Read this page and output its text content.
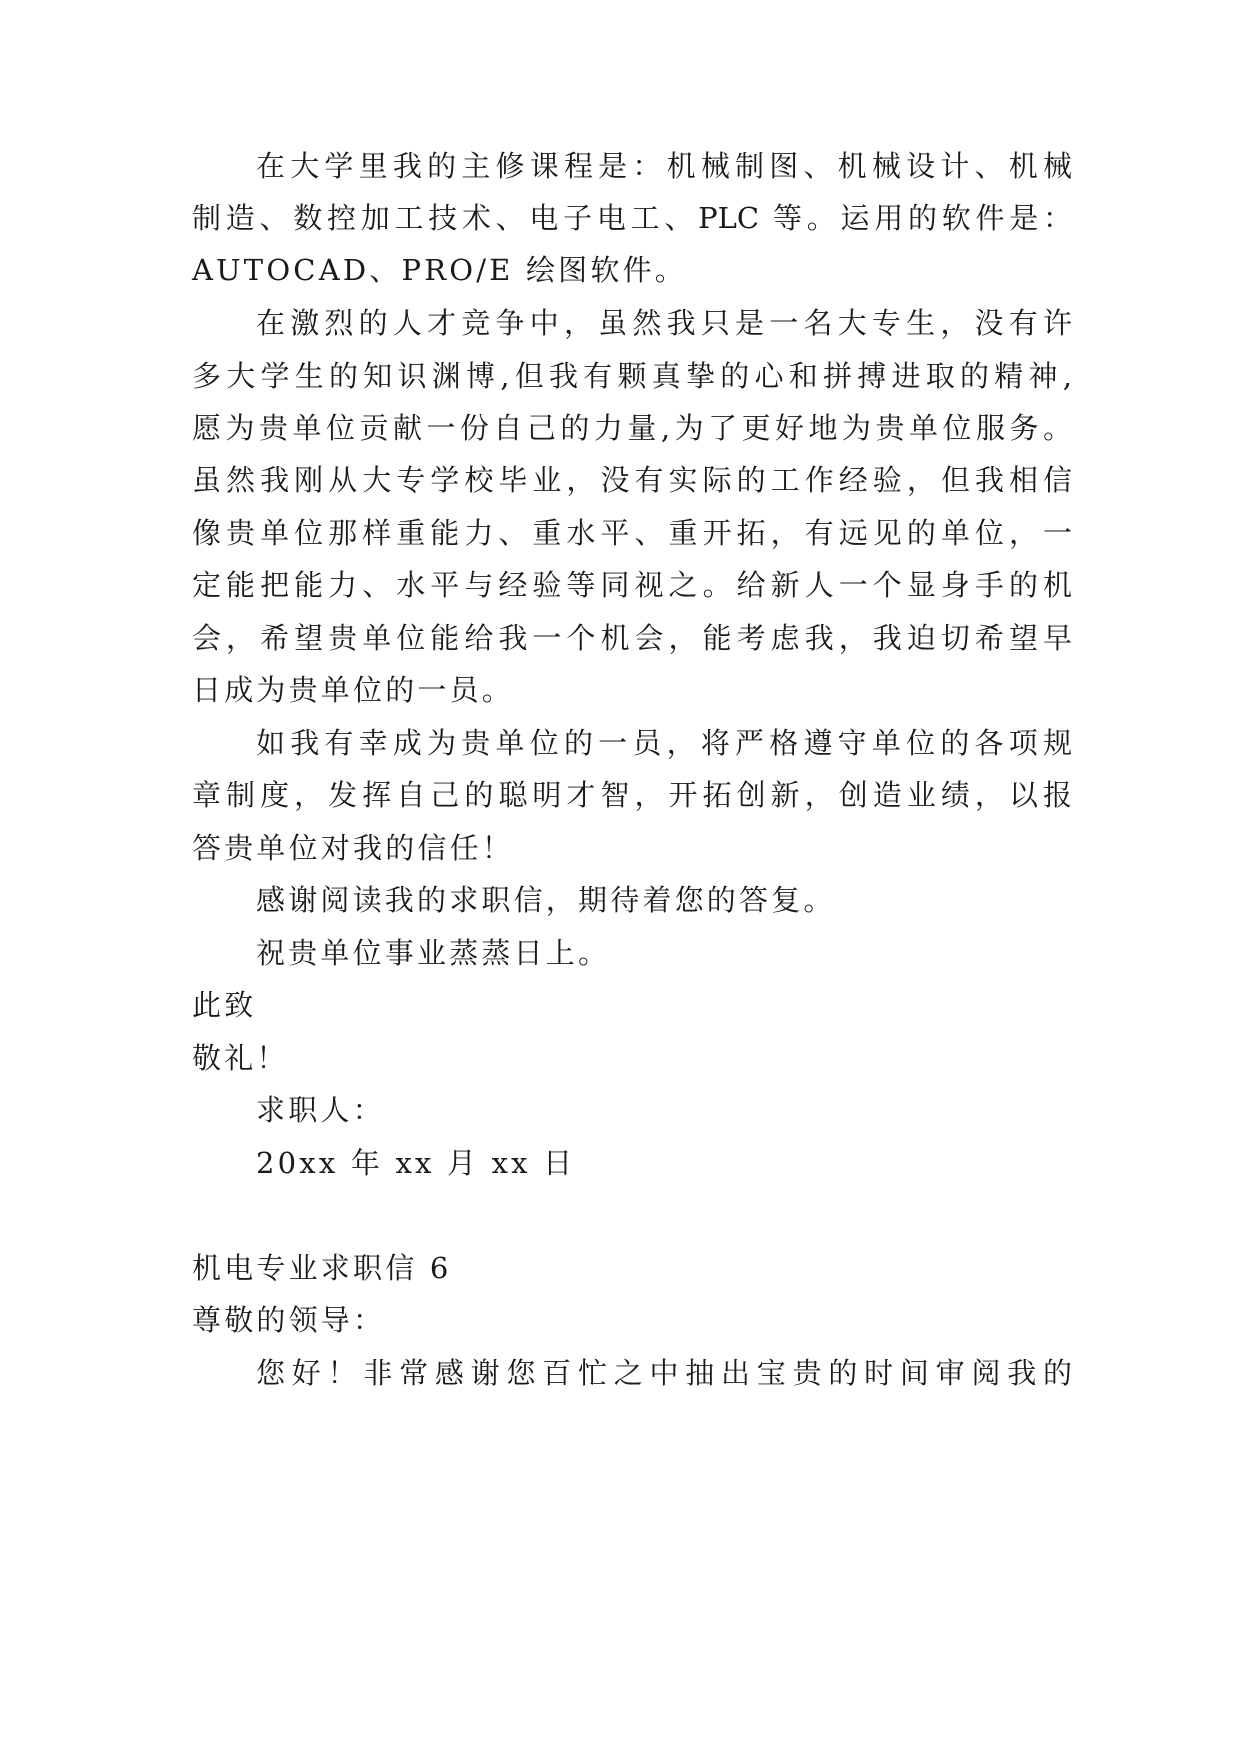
在大学里我的主修课程是：机械制图、机械设计、机械
制造、数控加工技术、电子电工、PLC 等。运用的软件是：
AUTOCAD、PRO/E 绘图软件。
在激烈的人才竞争中，虽然我只是一名大专生，没有许
多大学生的知识渊博,但我有颗真挚的心和拼搏进取的精神,
愿为贵单位贡献一份自己的力量,为了更好地为贵单位服务。
虽然我刚从大专学校毕业，没有实际的工作经验，但我相信
像贵单位那样重能力、重水平、重开拓，有远见的单位，一
定能把能力、水平与经验等同视之。给新人一个显身手的机
会，希望贵单位能给我一个机会，能考虑我，我迫切希望早
日成为贵单位的一员。
如我有幸成为贵单位的一员，将严格遵守单位的各项规
章制度，发挥自己的聪明才智，开拓创新，创造业绩，以报
答贵单位对我的信任！
感谢阅读我的求职信，期待着您的答复。
祝贵单位事业蒸蒸日上。
此致
敬礼！
求职人：
20xx 年 xx 月 xx 日
机电专业求职信 6
尊敬的领导：
您好！非常感谢您百忙之中抽出宝贵的时间审阅我的
